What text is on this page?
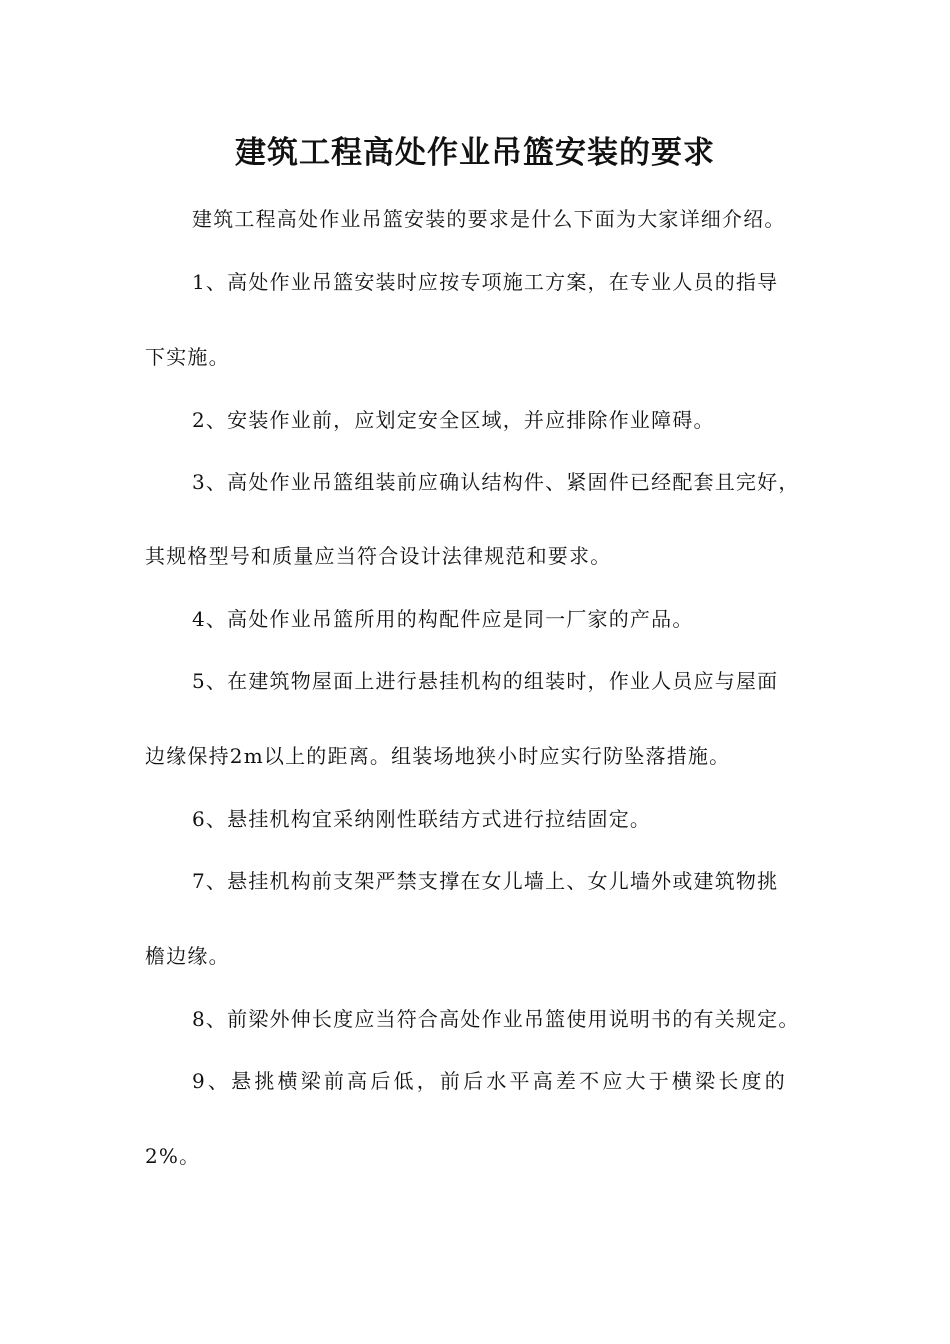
建筑工程高处作业吊篮安装的要求
建筑工程高处作业吊篮安装的要求是什么下面为大家详细介绍。
1、高处作业吊篮安装时应按专项施工方案，在专业人员的指导
下实施。
2、安装作业前，应划定安全区域，并应排除作业障碍。
3、高处作业吊篮组装前应确认结构件、紧固件已经配套且完好，
其规格型号和质量应当符合设计法律规范和要求。
4、高处作业吊篮所用的构配件应是同一厂家的产品。
5、在建筑物屋面上进行悬挂机构的组装时，作业人员应与屋面
边缘保持2m以上的距离。组装场地狭小时应实行防坠落措施。
6、悬挂机构宜采纳刚性联结方式进行拉结固定。
7、悬挂机构前支架严禁支撑在女儿墙上、女儿墙外或建筑物挑
檐边缘。
8、前梁外伸长度应当符合高处作业吊篮使用说明书的有关规定。
9、悬挑横梁前高后低，前后水平高差不应大于横梁长度的
2%。
